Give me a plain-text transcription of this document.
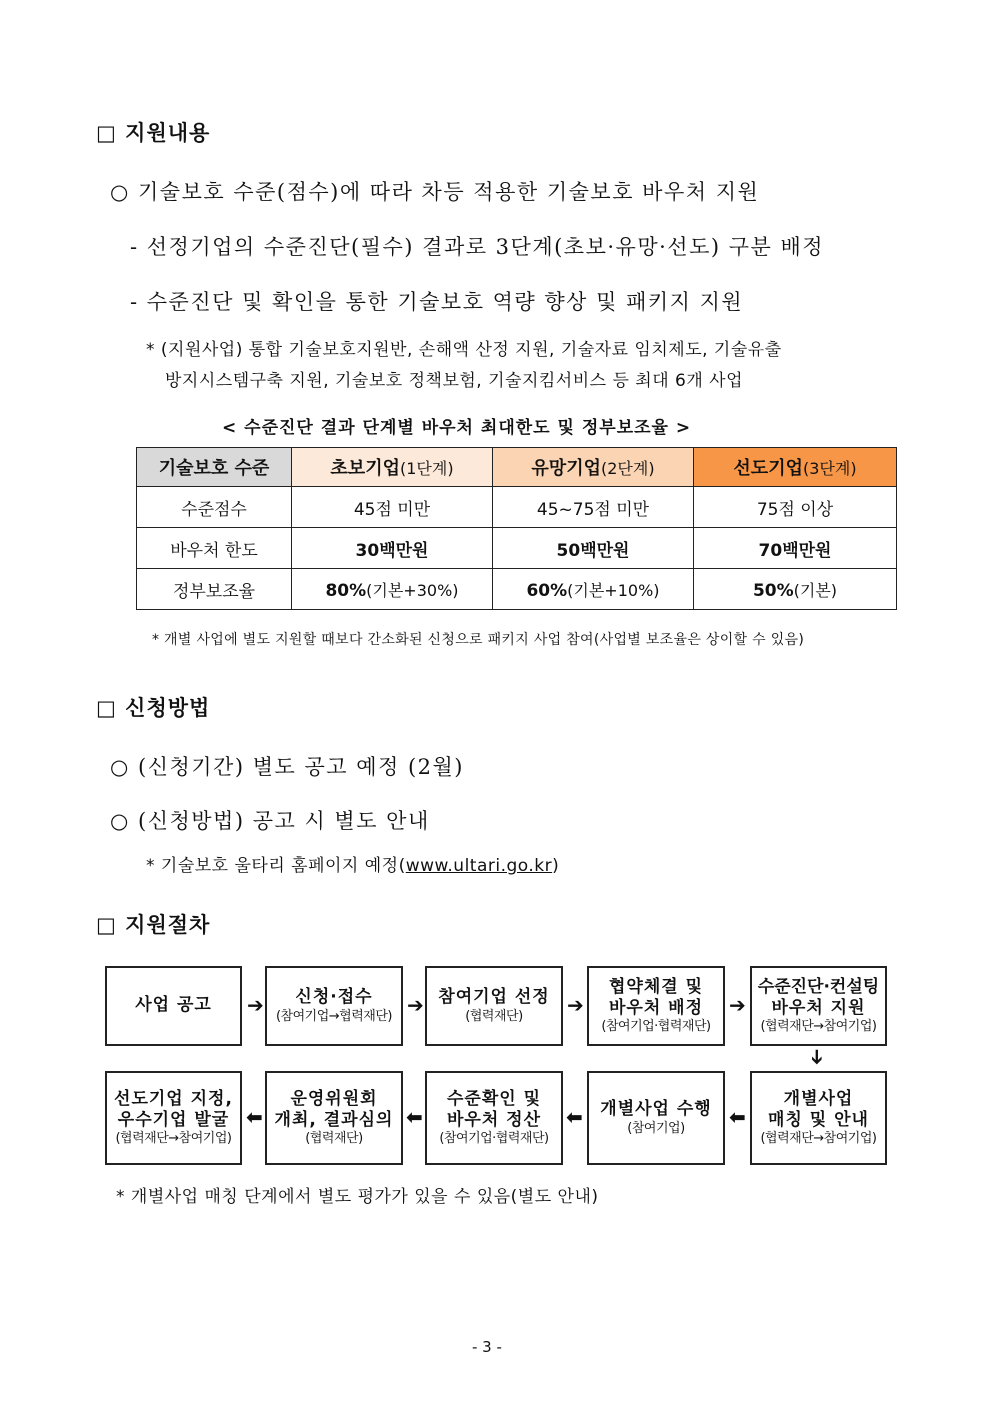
□ 지원내용
○ 기술보호 수준(점수)에 따라 차등 적용한 기술보호 바우처 지원
- 선정기업의 수준진단(필수) 결과로 3단계(초보·유망·선도) 구분 배정
- 수준진단 및 확인을 통한 기술보호 역량 향상 및 패키지 지원
* (지원사업) 통합 기술보호지원반, 손해액 산정 지원, 기술자료 임치제도, 기술유출
방지시스템구축 지원, 기술보호 정책보험, 기술지킴서비스 등 최대 6개 사업
< 수준진단 결과 단계별 바우처 최대한도 및 정부보조율 >
기술보호 수준	초보기업(1단계)	유망기업(2단계)	선도기업(3단계)
수준점수	45점 미만	45~75점 미만	75점 이상
바우처 한도	30백만원	50백만원	70백만원
정부보조율	80%(기본+30%)	60%(기본+10%)	50%(기본)
* 개별 사업에 별도 지원할 때보다 간소화된 신청으로 패키지 사업 참여(사업별 보조율은 상이할 수 있음)
□ 신청방법
○ (신청기간) 별도 공고 예정 (2월)
○ (신청방법) 공고 시 별도 안내
* 기술보호 울타리 홈페이지 예정(www.ultari.go.kr)
□ 지원절차
사업 공고 ➔ 신청·접수
(참여기업→협력재단) ➔ 참여기업 선정
(협력재단) ➔
협약체결 및
바우처 배정
(참여기업·협력재단)
➔
수준진단·컨설팅
바우처 지원
(협력재단→참여기업)
➔
선도기업 지정,
우수기업 발굴
(협력재단→참여기업)
⬅
운영위원회
개최, 결과심의
(협력재단)
⬅
수준확인 및
바우처 정산
(참여기업·협력재단)
⬅ 개별사업 수행
(참여기업) ⬅
개별사업
매칭 및 안내
(협력재단→참여기업)
* 개별사업 매칭 단계에서 별도 평가가 있을 수 있음(별도 안내)
- 3 -
